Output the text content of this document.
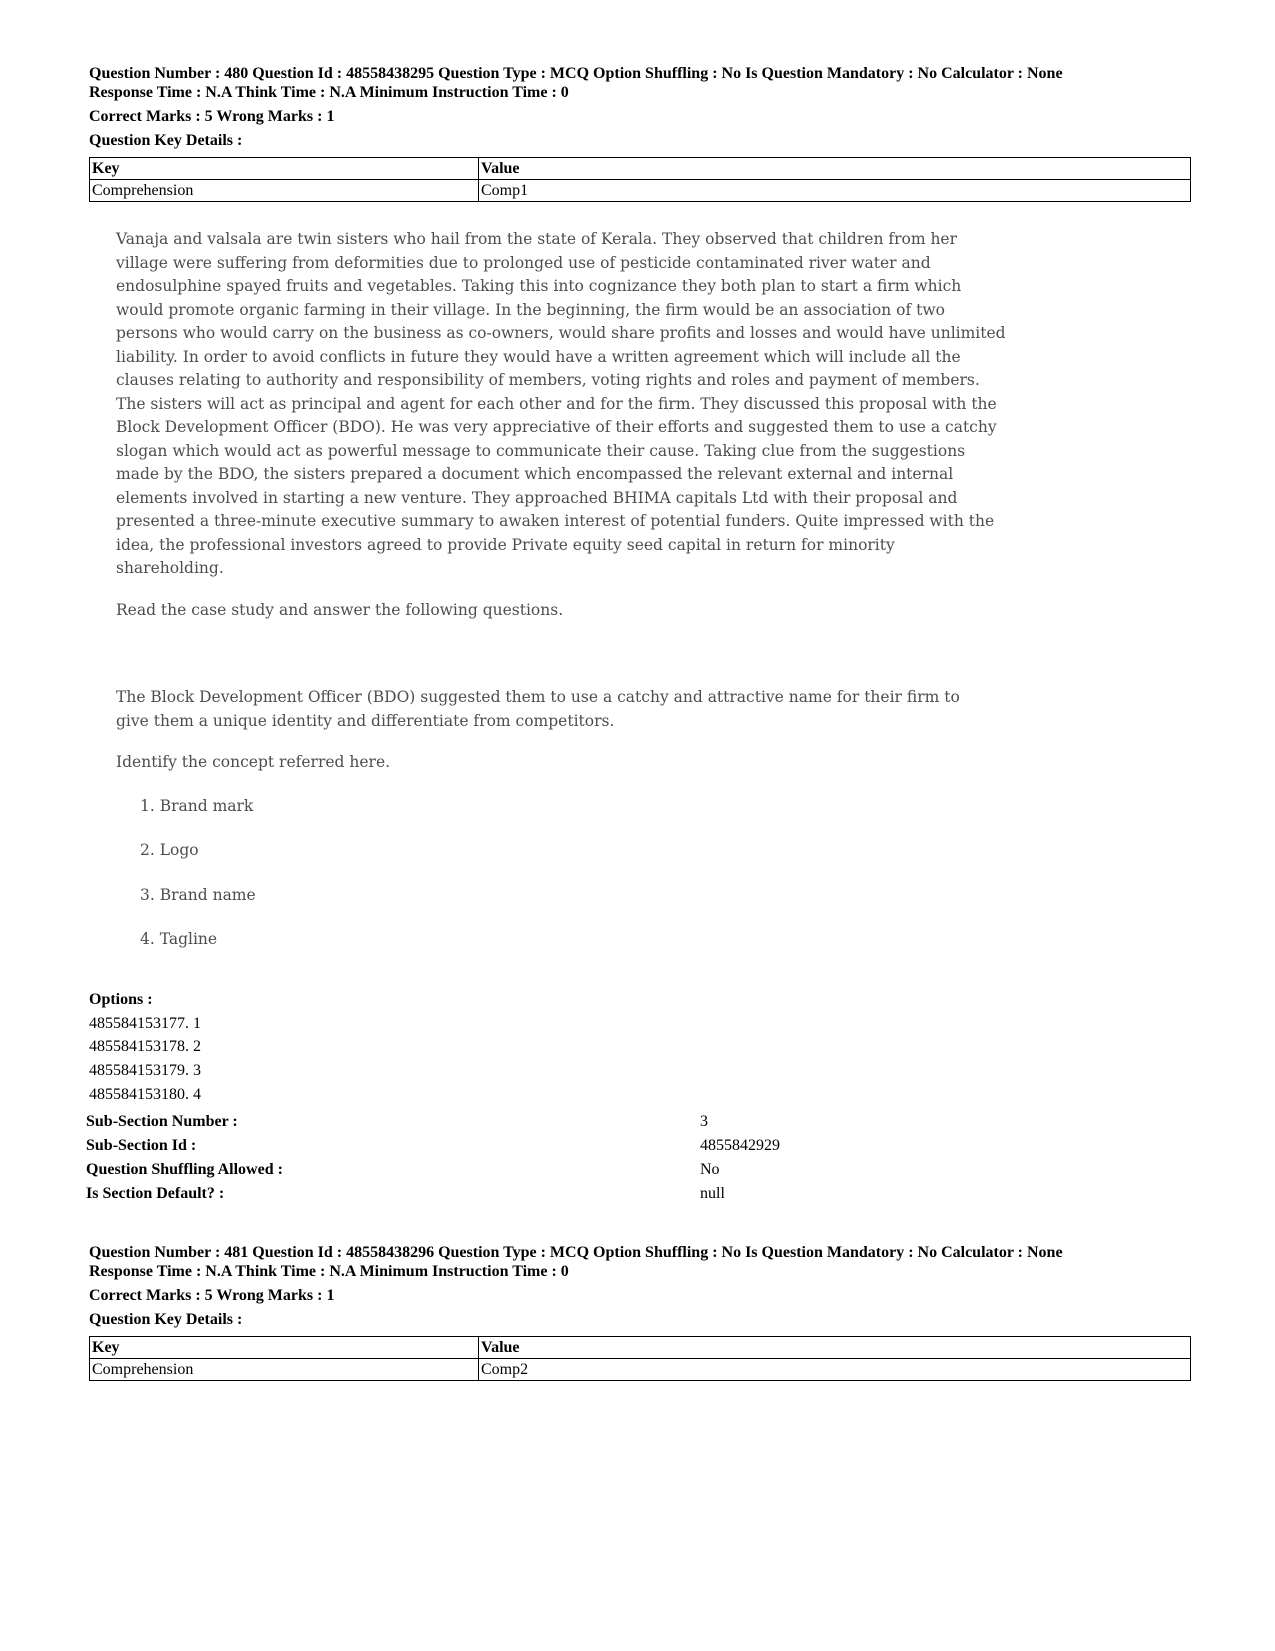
Question Number : 480 Question Id : 48558438295 Question Type : MCQ Option Shuffling : No Is Question Mandatory : No Calculator : None
Response Time : N.A Think Time : N.A Minimum Instruction Time : 0
Correct Marks : 5 Wrong Marks : 1
Question Key Details :
Key	Value
Comprehension	Comp1

Vanaja and valsala are twin sisters who hail from the state of Kerala. They observed that children from her village were suffering from deformities due to prolonged use of pesticide contaminated river water and endosulphine spayed fruits and vegetables. Taking this into cognizance they both plan to start a firm which would promote organic farming in their village. In the beginning, the firm would be an association of two persons who would carry on the business as co-owners, would share profits and losses and would have unlimited liability. In order to avoid conflicts in future they would have a written agreement which will include all the clauses relating to authority and responsibility of members, voting rights and roles and payment of members. The sisters will act as principal and agent for each other and for the firm. They discussed this proposal with the Block Development Officer (BDO). He was very appreciative of their efforts and suggested them to use a catchy slogan which would act as powerful message to communicate their cause. Taking clue from the suggestions made by the BDO, the sisters prepared a document which encompassed the relevant external and internal elements involved in starting a new venture. They approached BHIMA capitals Ltd with their proposal and presented a three-minute executive summary to awaken interest of potential funders. Quite impressed with the idea, the professional investors agreed to provide Private equity seed capital in return for minority shareholding.

Read the case study and answer the following questions.

The Block Development Officer (BDO) suggested them to use a catchy and attractive name for their firm to give them a unique identity and differentiate from competitors.

Identify the concept referred here.

1. Brand mark

2. Logo

3. Brand name

4. Tagline

Options :
485584153177. 1
485584153178. 2
485584153179. 3
485584153180. 4
Sub-Section Number :	3
Sub-Section Id :	4855842929
Question Shuffling Allowed :	No
Is Section Default? :	null
Question Number : 481 Question Id : 48558438296 Question Type : MCQ Option Shuffling : No Is Question Mandatory : No Calculator : None
Response Time : N.A Think Time : N.A Minimum Instruction Time : 0
Correct Marks : 5 Wrong Marks : 1
Question Key Details :
Key	Value
Comprehension	Comp2
